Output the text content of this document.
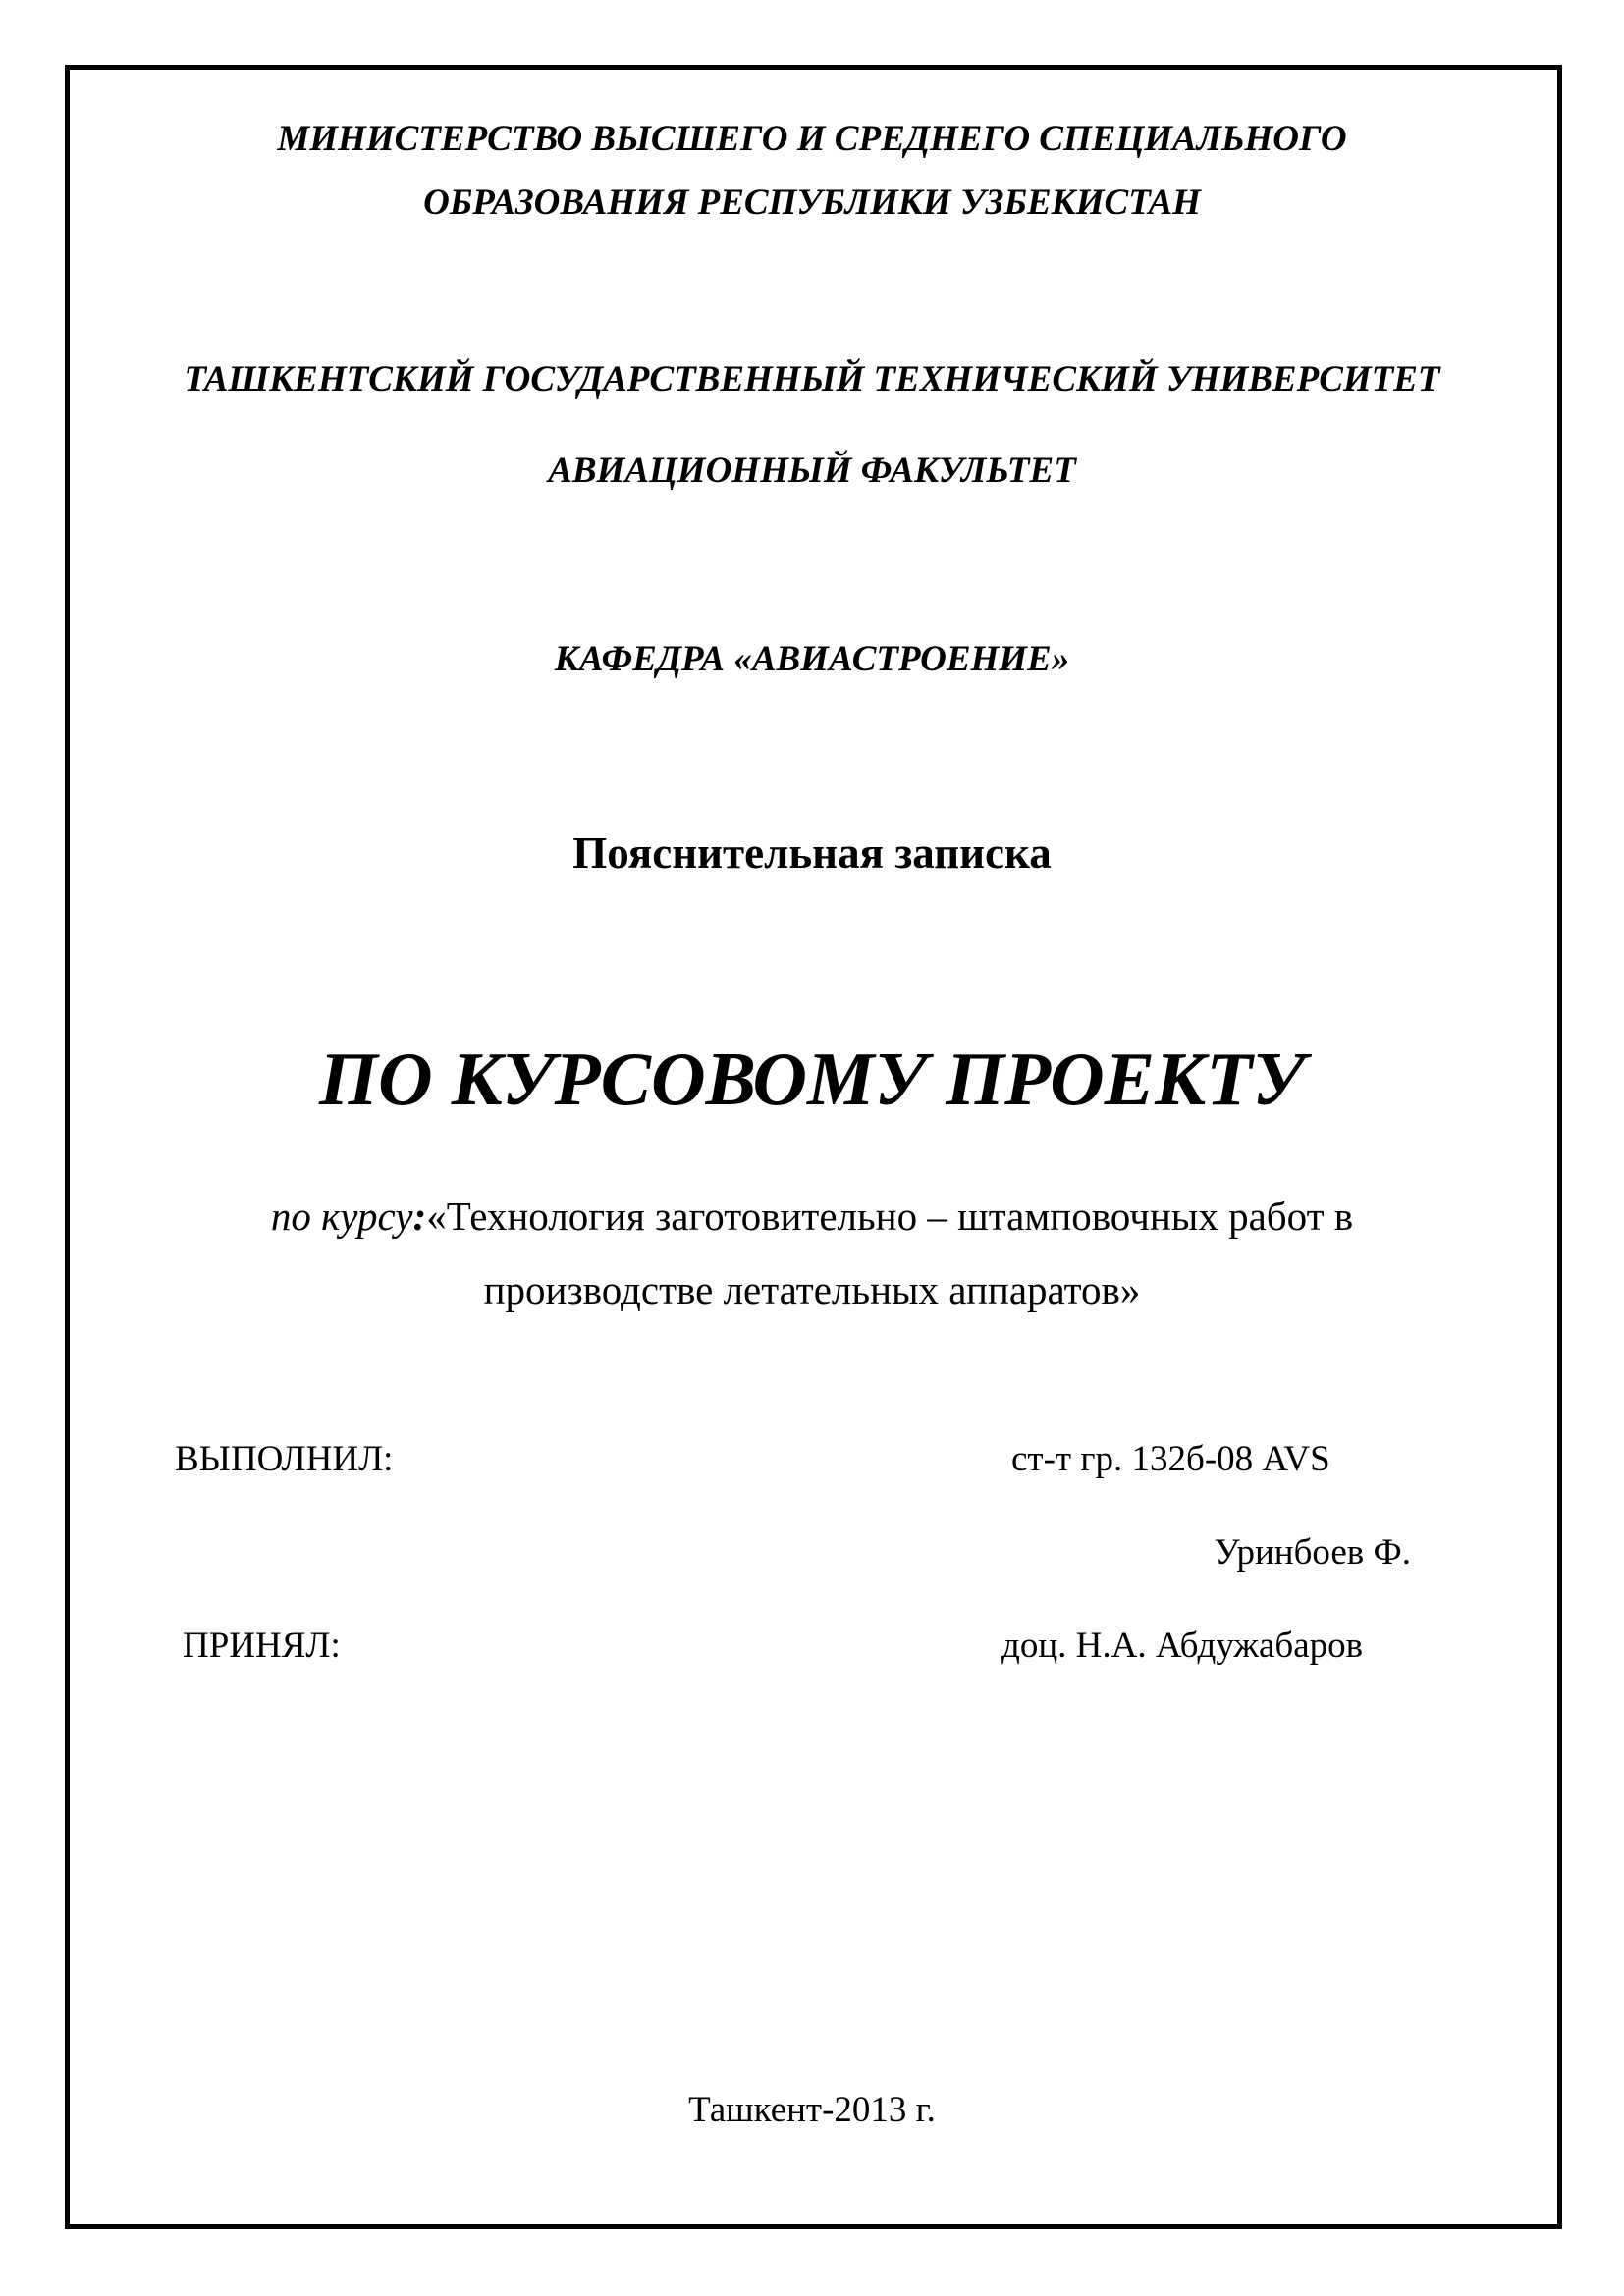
МИНИСТЕРСТВО ВЫСШЕГО И СРЕДНЕГО СПЕЦИАЛЬНОГО
ОБРАЗОВАНИЯ РЕСПУБЛИКИ УЗБЕКИСТАН
ТАШКЕНТСКИЙ ГОСУДАРСТВЕННЫЙ ТЕХНИЧЕСКИЙ УНИВЕРСИТЕТ
АВИАЦИОННЫЙ ФАКУЛЬТЕТ
КАФЕДРА «АВИАСТРОЕНИЕ»
Пояснительная записка
ПО КУРСОВОМУ ПРОЕКТУ
по курсу:«Технология заготовительно – штамповочных работ в
производстве летательных аппаратов»
ВЫПОЛНИЛ:	ст-т гр. 132б-08 AVS
Уринбоев Ф.
ПРИНЯЛ:	доц. Н.А. Абдужабаров
Ташкент-2013 г.
